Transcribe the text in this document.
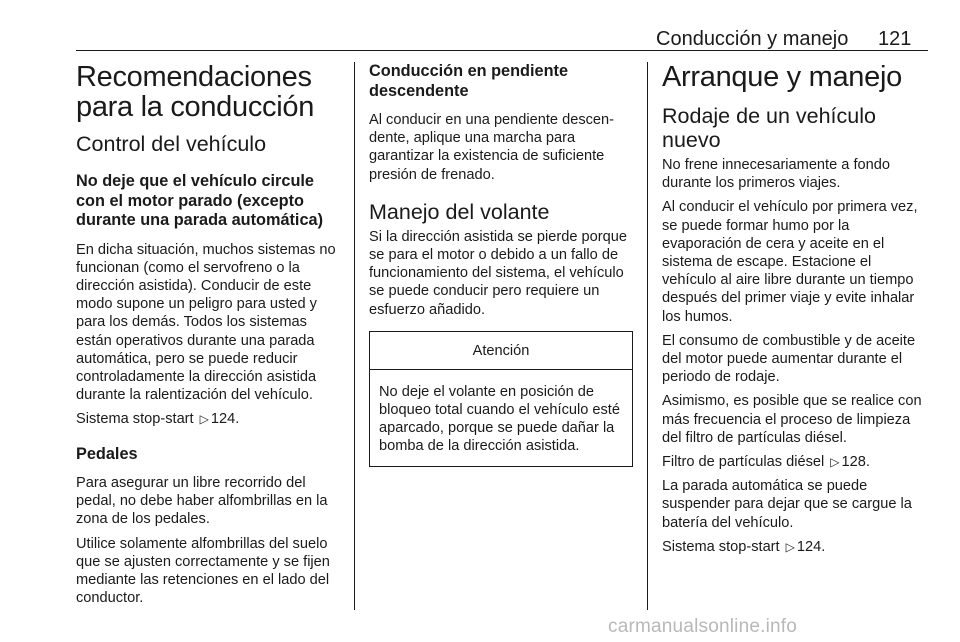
Conducción y manejo 121
Recomendaciones para la conducción
Control del vehículo
No deje que el vehículo circule con el motor parado (excepto durante una parada automática)

En dicha situación, muchos sistemas no funcionan (como el servofreno o la dirección asistida). Conducir de este modo supone un peligro para usted y para los demás. Todos los sistemas están operativos durante una parada automática, pero se puede reducir controladamente la dirección asistida durante la ralentización del vehículo.

Sistema stop-start ▷ 124.

Pedales

Para asegurar un libre recorrido del pedal, no debe haber alfombrillas en la zona de los pedales.

Utilice solamente alfombrillas del suelo que se ajusten correctamente y se fijen mediante las retenciones en el lado del conductor.

Conducción en pendiente descendente

Al conducir en una pendiente descen-dente, aplique una marcha para garantizar la existencia de suficiente presión de frenado.

Manejo del volante

Si la dirección asistida se pierde porque se para el motor o debido a un fallo de funcionamiento del sistema, el vehículo se puede conducir pero requiere un esfuerzo añadido.

Atención
No deje el volante en posición de bloqueo total cuando el vehículo esté aparcado, porque se puede dañar la bomba de la dirección asistida.
Arranque y manejo
Rodaje de un vehículo nuevo

No frene innecesariamente a fondo durante los primeros viajes.

Al conducir el vehículo por primera vez, se puede formar humo por la evaporación de cera y aceite en el sistema de escape. Estacione el vehículo al aire libre durante un tiempo después del primer viaje y evite inhalar los humos.

El consumo de combustible y de aceite del motor puede aumentar durante el periodo de rodaje.

Asimismo, es posible que se realice con más frecuencia el proceso de limpieza del filtro de partículas diésel.

Filtro de partículas diésel ▷ 128.

La parada automática se puede suspender para dejar que se cargue la batería del vehículo.

Sistema stop-start ▷ 124.

carmanualsonline.info
